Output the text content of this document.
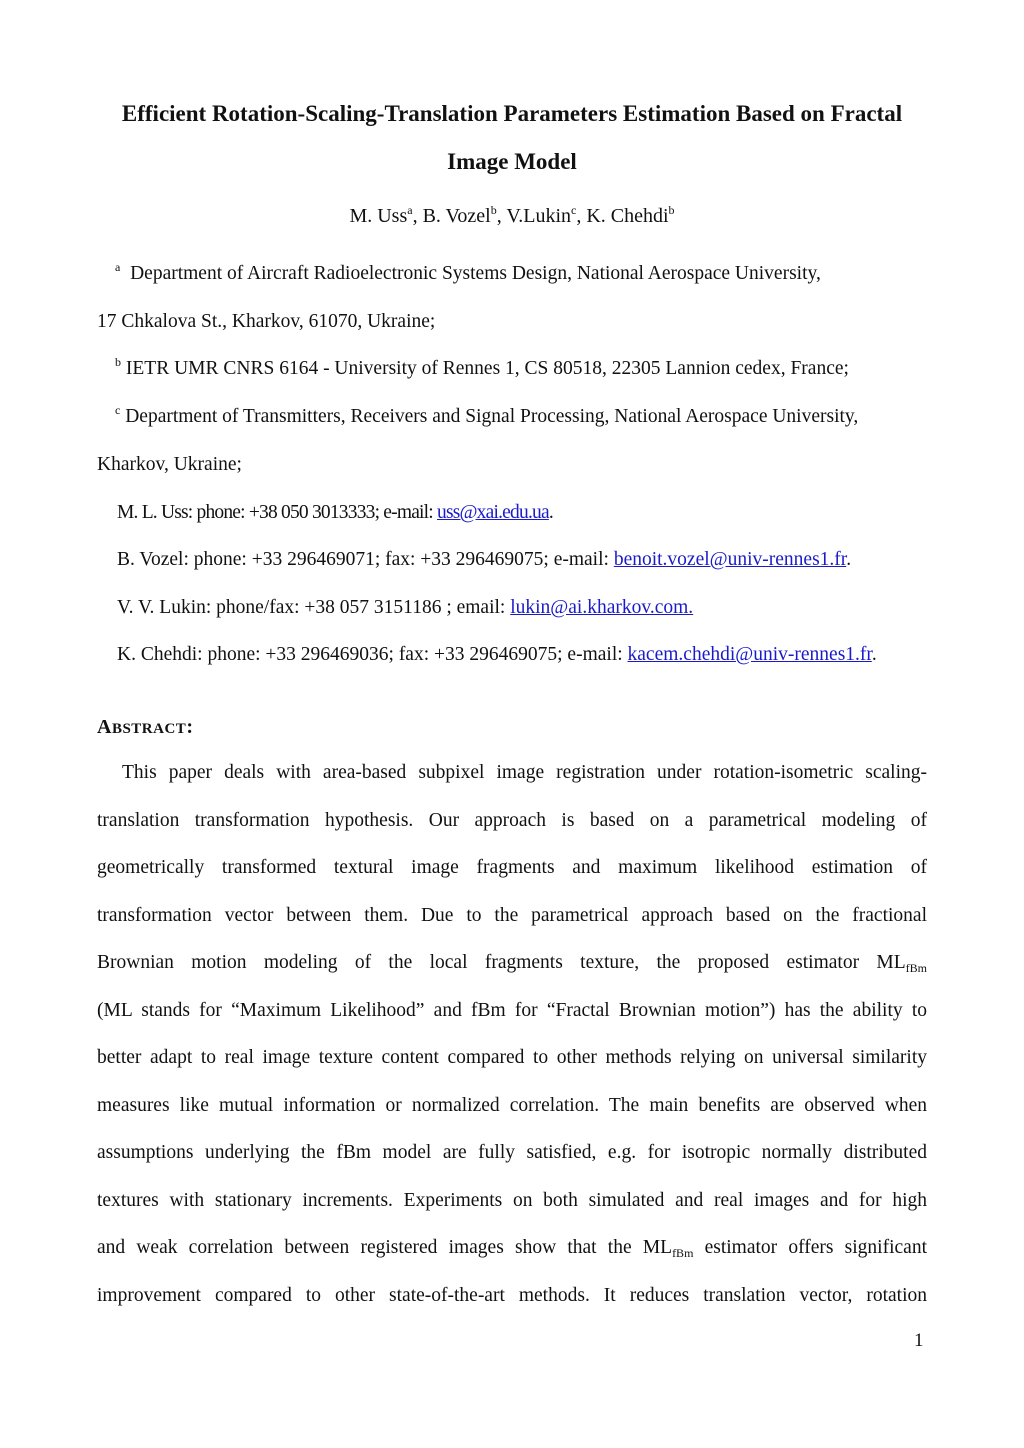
Efficient Rotation-Scaling-Translation Parameters Estimation Based on Fractal
Image Model
M. Uss$^a$, B. Vozel$^b$, V.Lukin$^c$, K. Chehdi$^b$
$^a$ Department of Aircraft Radioelectronic Systems Design, National Aerospace University,
17 Chkalova St., Kharkov, 61070, Ukraine;
$^b$ IETR UMR CNRS 6164 - University of Rennes 1, CS 80518, 22305 Lannion cedex, France;
$^c$ Department of Transmitters, Receivers and Signal Processing, National Aerospace University,
Kharkov, Ukraine;
M. L. Uss: phone: +38 050 3013333; e-mail: uss@xai.edu.ua.
B. Vozel: phone: +33 296469071; fax: +33 296469075; e-mail: benoit.vozel@univ-rennes1.fr.
V. V. Lukin: phone/fax: +38 057 3151186 ; email: lukin@ai.kharkov.com.
K. Chehdi: phone: +33 296469036; fax: +33 296469075; e-mail: kacem.chehdi@univ-rennes1.fr.
ABSTRACT:
This paper deals with area-based subpixel image registration under rotation-isometric scaling-
translation transformation hypothesis. Our approach is based on a parametrical modeling of
geometrically transformed textural image fragments and maximum likelihood estimation of
transformation vector between them. Due to the parametrical approach based on the fractional
Brownian motion modeling of the local fragments texture, the proposed estimator $ML_{fBm}$
(ML stands for “Maximum Likelihood” and fBm for “Fractal Brownian motion”) has the ability to
better adapt to real image texture content compared to other methods relying on universal similarity
measures like mutual information or normalized correlation. The main benefits are observed when
assumptions underlying the fBm model are fully satisfied, e.g. for isotropic normally distributed
textures with stationary increments. Experiments on both simulated and real images and for high
and weak correlation between registered images show that the $ML_{fBm}$ estimator offers significant
improvement compared to other state-of-the-art methods. It reduces translation vector, rotation
1
